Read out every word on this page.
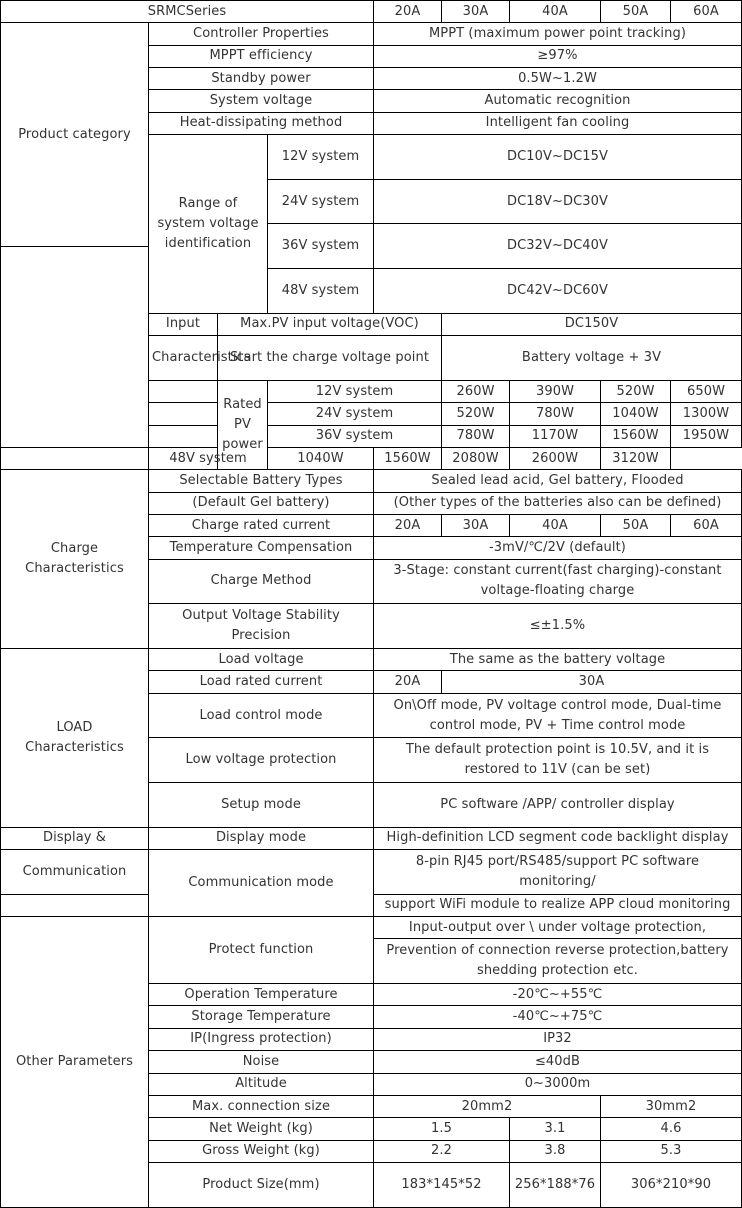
SRMCSeries				20A	30A	40A	50A	60A	
Product category	Controller Properties			MPPT (maximum power point tracking)					
	MPPT efficiency			≥97%					
	Standby power			0.5W~1.2W					
	System voltage			Automatic recognition					
	Heat-dissipating method			Intelligent fan cooling					
	Range of system voltage identification		12V system	DC10V~DC15V					

			24V system	DC18V~DC30V					

			36V system	DC32V~DC40V					

			48V system	DC42V~DC60V					

	Input	Max.PV input voltage(VOC)			DC150V				
	Characteristics	Start the charge voltage point			Battery voltage + 3V				

		Rated PV power	12V system		260W	390W	520W	650W	
			24V system		520W	780W	1040W	1300W	
			36V system		780W	1170W	1560W	1950W	
	48V system		1040W	1560W	2080W	2600W	3120W		
Charge Characteristics	Selectable Battery Types			Sealed lead acid, Gel battery, Flooded					
	(Default Gel battery)			(Other types of the batteries also can be defined)					
	Charge rated current			20A	30A	40A	50A	60A	
	Temperature Compensation			-3mV/℃/2V (default)					
	Charge Method			3-Stage: constant current(fast charging)-constant voltage-floating charge					

	Output Voltage Stability Precision			≤±1.5%					

LOAD Characteristics	Load voltage			The same as the battery voltage					
	Load rated current			20A	30A				
	Load control mode			On\Off mode, PV voltage control mode, Dual-time control mode, PV + Time control mode					

	Low voltage protection			The default protection point is 10.5V, and it is restored to 11V (can be set)					

	Setup mode			PC software /APP/ controller display					

Display &	Display mode			High-definition LCD segment code backlight display					
Communication	Communication mode			8-pin RJ45 port/RS485/support PC software monitoring/					

				support WiFi module to realize APP cloud monitoring					
Other Parameters	Protect function			Input-output over \ under voltage protection,					
				Prevention of connection reverse protection,battery shedding protection etc.					

	Operation Temperature			-20℃~+55℃					
	Storage Temperature			-40℃~+75℃					
	IP(Ingress protection)			IP32					
	Noise			≤40dB					
	Altitude			0~3000m					
	Max. connection size			20mm2			30mm2		
	Net Weight (kg)			1.5		3.1	4.6		
	Gross Weight (kg)			2.2		3.8	5.3		
	Product Size(mm)			183*145*52		256*188*76	306*210*90		
